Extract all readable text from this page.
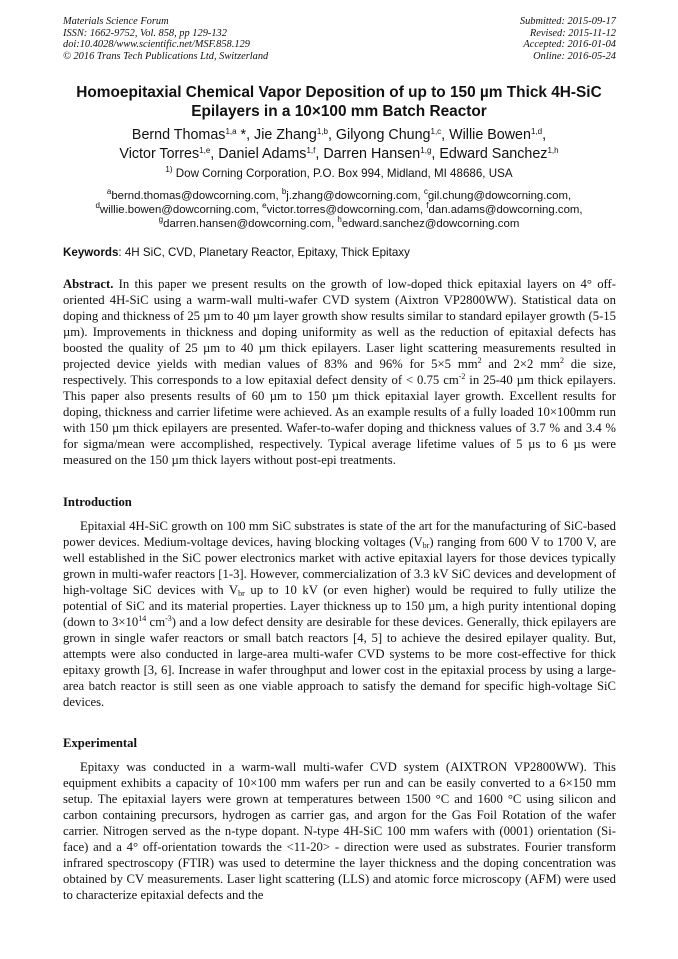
Materials Science Forum
ISSN: 1662-9752, Vol. 858, pp 129-132
doi:10.4028/www.scientific.net/MSF.858.129
© 2016 Trans Tech Publications Ltd, Switzerland
Submitted: 2015-09-17
Revised: 2015-11-12
Accepted: 2016-01-04
Online: 2016-05-24
Homoepitaxial Chemical Vapor Deposition of up to 150 µm Thick 4H-SiC
Epilayers in a 10×100 mm Batch Reactor
Bernd Thomas$^{1,a}$ *, Jie Zhang$^{1,b}$, Gilyong Chung$^{1,c}$, Willie Bowen$^{1,d}$,
Victor Torres$^{1,e}$, Daniel Adams$^{1,f}$, Darren Hansen$^{1,g}$, Edward Sanchez$^{1,h}$
$^{1)}$ Dow Corning Corporation, P.O. Box 994, Midland, MI 48686, USA
$^a$bernd.thomas@dowcorning.com, $^b$j.zhang@dowcorning.com, $^c$gil.chung@dowcorning.com,
$^d$willie.bowen@dowcorning.com, $^e$victor.torres@dowcorning.com, $^f$dan.adams@dowcorning.com,
$^g$darren.hansen@dowcorning.com, $^h$edward.sanchez@dowcorning.com
Keywords: 4H SiC, CVD, Planetary Reactor, Epitaxy, Thick Epitaxy

Abstract. In this paper we present results on the growth of low-doped thick epitaxial layers on 4° off-oriented 4H-SiC using a warm-wall multi-wafer CVD system (Aixtron VP2800WW). Statistical data on doping and thickness of 25 µm to 40 µm layer growth show results similar to standard epilayer growth (5-15 µm). Improvements in thickness and doping uniformity as well as the reduction of epitaxial defects has boosted the quality of 25 µm to 40 µm thick epilayers. Laser light scattering measurements resulted in projected device yields with median values of 83% and 96% for 5×5 $mm^2$ and 2×2 $mm^2$ die size, respectively. This corresponds to a low epitaxial defect density of < 0.75 $cm^{-2}$ in 25-40 µm thick epilayers. This paper also presents results of 60 µm to 150 µm thick epitaxial layer growth. Excellent results for doping, thickness and carrier lifetime were achieved. As an example results of a fully loaded 10×100mm run with 150 µm thick epilayers are presented. Wafer-to-wafer doping and thickness values of 3.7 % and 3.4 % for sigma/mean were accomplished, respectively. Typical average lifetime values of 5 µs to 6 µs were measured on the 150 µm thick layers without post-epi treatments.

Introduction

Epitaxial 4H-SiC growth on 100 mm SiC substrates is state of the art for the manufacturing of SiC-based power devices. Medium-voltage devices, having blocking voltages $(V_{br})$ ranging from 600 V to 1700 V, are well established in the SiC power electronics market with active epitaxial layers for those devices typically grown in multi-wafer reactors [1-3]. However, commercialization of 3.3 kV SiC devices and development of high-voltage SiC devices with $V_{br}$ up to 10 kV (or even higher) would be required to fully utilize the potential of SiC and its material properties. Layer thickness up to 150 µm, a high purity intentional doping (down to $3\times 10^{14}$ $cm^{-3}$) and a low defect density are desirable for these devices. Generally, thick epilayers are grown in single wafer reactors or small batch reactors [4, 5] to achieve the desired epilayer quality. But, attempts were also conducted in large-area multi-wafer CVD systems to be more cost-effective for thick epitaxy growth [3, 6]. Increase in wafer throughput and lower cost in the epitaxial process by using a large-area batch reactor is still seen as one viable approach to satisfy the demand for specific high-voltage SiC devices.

Experimental

Epitaxy was conducted in a warm-wall multi-wafer CVD system (AIXTRON VP2800WW). This equipment exhibits a capacity of 10×100 mm wafers per run and can be easily converted to a 6×150 mm setup. The epitaxial layers were grown at temperatures between 1500 °C and 1600 °C using silicon and carbon containing precursors, hydrogen as carrier gas, and argon for the Gas Foil Rotation of the wafer carrier. Nitrogen served as the n-type dopant. N-type 4H-SiC 100 mm wafers with (0001) orientation (Si-face) and a 4° off-orientation towards the <11-20> - direction were used as substrates. Fourier transform infrared spectroscopy (FTIR) was used to determine the layer thickness and the doping concentration was obtained by CV measurements. Laser light scattering (LLS) and atomic force microscopy (AFM) were used to characterize epitaxial defects and the
